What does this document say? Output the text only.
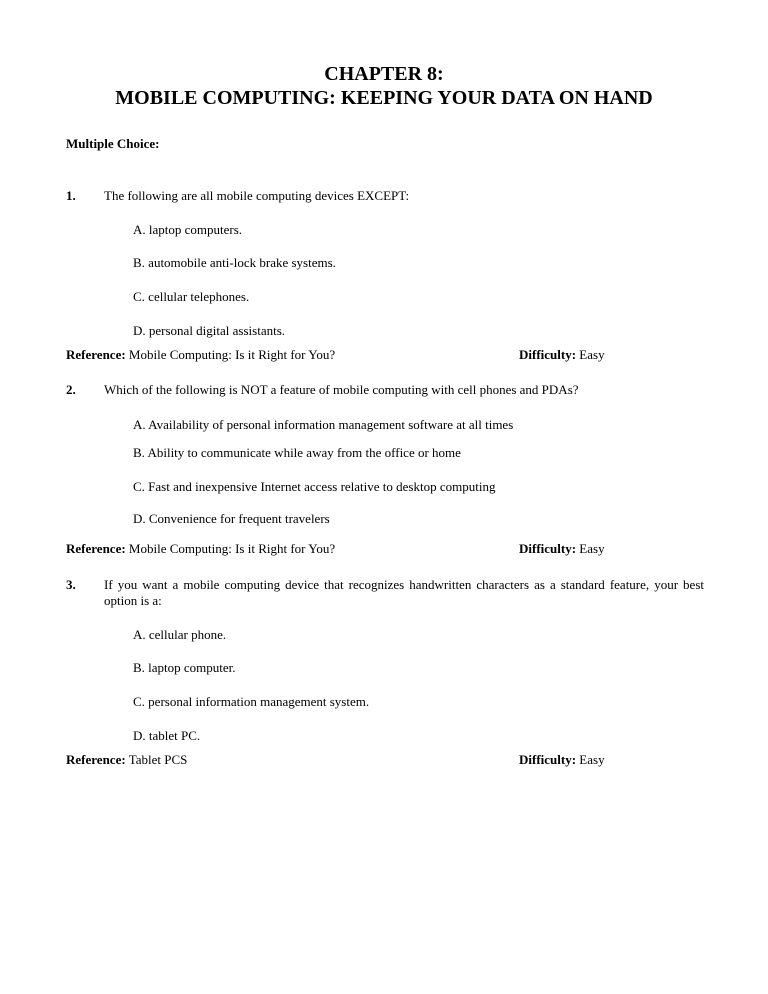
CHAPTER 8:
MOBILE COMPUTING: KEEPING YOUR DATA ON HAND
Multiple Choice:
1. The following are all mobile computing devices EXCEPT:
A. laptop computers.
B. automobile anti-lock brake systems.
C. cellular telephones.
D. personal digital assistants.
Reference: Mobile Computing: Is it Right for You?	Difficulty: Easy
2. Which of the following is NOT a feature of mobile computing with cell phones and PDAs?
A. Availability of personal information management software at all times
B. Ability to communicate while away from the office or home
C. Fast and inexpensive Internet access relative to desktop computing
D. Convenience for frequent travelers
Reference: Mobile Computing: Is it Right for You?	Difficulty: Easy
3. If you want a mobile computing device that recognizes handwritten characters as a standard feature, your best option is a:
A. cellular phone.
B. laptop computer.
C. personal information management system.
D. tablet PC.
Reference: Tablet PCS	Difficulty: Easy
